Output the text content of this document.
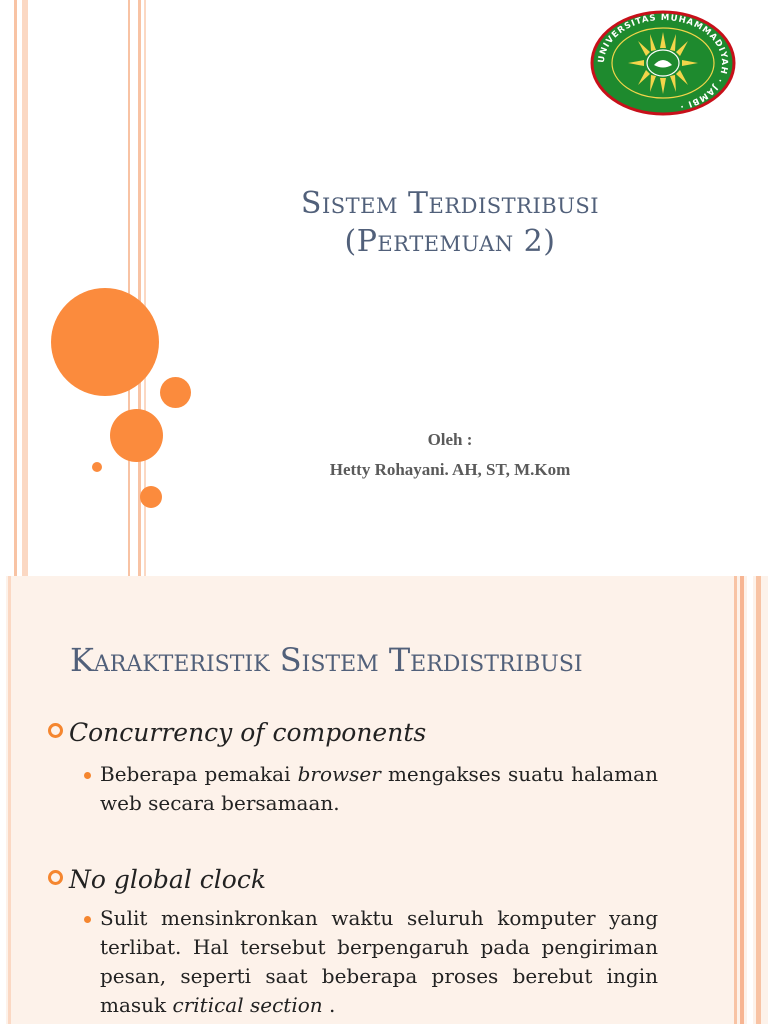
UNIVERSITAS MUHAMMADIYAH · JAMBI ·
Sistem Terdistribusi
(Pertemuan 2)
Oleh :
Hetty Rohayani. AH, ST, M.Kom
Karakteristik Sistem Terdistribusi
Concurrency of components
Beberapa pemakai browser mengakses suatu halaman web secara bersamaan.
No global clock
Sulit mensinkronkan waktu seluruh komputer yang terlibat. Hal tersebut berpengaruh pada pengiriman pesan, seperti saat beberapa proses berebut ingin masuk critical section .
